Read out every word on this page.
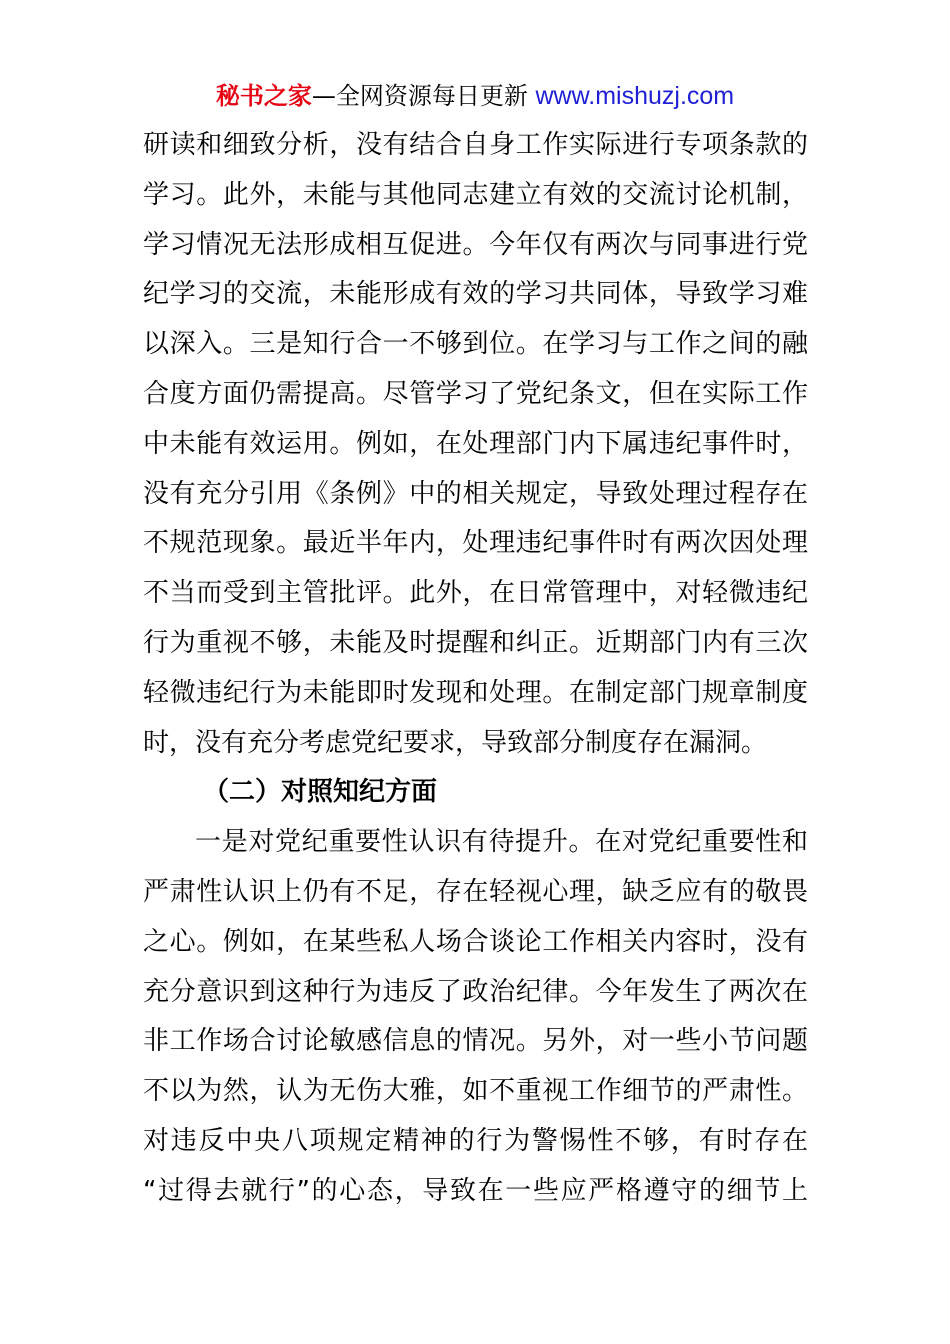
秘书之家—全网资源每日更新 www.mishuzj.com
研读和细致分析，没有结合自身工作实际进行专项条款的
学习。此外，未能与其他同志建立有效的交流讨论机制，
学习情况无法形成相互促进。今年仅有两次与同事进行党
纪学习的交流，未能形成有效的学习共同体，导致学习难
以深入。三是知行合一不够到位。在学习与工作之间的融
合度方面仍需提高。尽管学习了党纪条文，但在实际工作
中未能有效运用。例如，在处理部门内下属违纪事件时，
没有充分引用《条例》中的相关规定，导致处理过程存在
不规范现象。最近半年内，处理违纪事件时有两次因处理
不当而受到主管批评。此外，在日常管理中，对轻微违纪
行为重视不够，未能及时提醒和纠正。近期部门内有三次
轻微违纪行为未能即时发现和处理。在制定部门规章制度
时，没有充分考虑党纪要求，导致部分制度存在漏洞。
（二）对照知纪方面
一是对党纪重要性认识有待提升。在对党纪重要性和
严肃性认识上仍有不足，存在轻视心理，缺乏应有的敬畏
之心。例如，在某些私人场合谈论工作相关内容时，没有
充分意识到这种行为违反了政治纪律。今年发生了两次在
非工作场合讨论敏感信息的情况。另外，对一些小节问题
不以为然，认为无伤大雅，如不重视工作细节的严肃性。
对违反中央八项规定精神的行为警惕性不够，有时存在
“过得去就行”的心态，导致在一些应严格遵守的细节上
